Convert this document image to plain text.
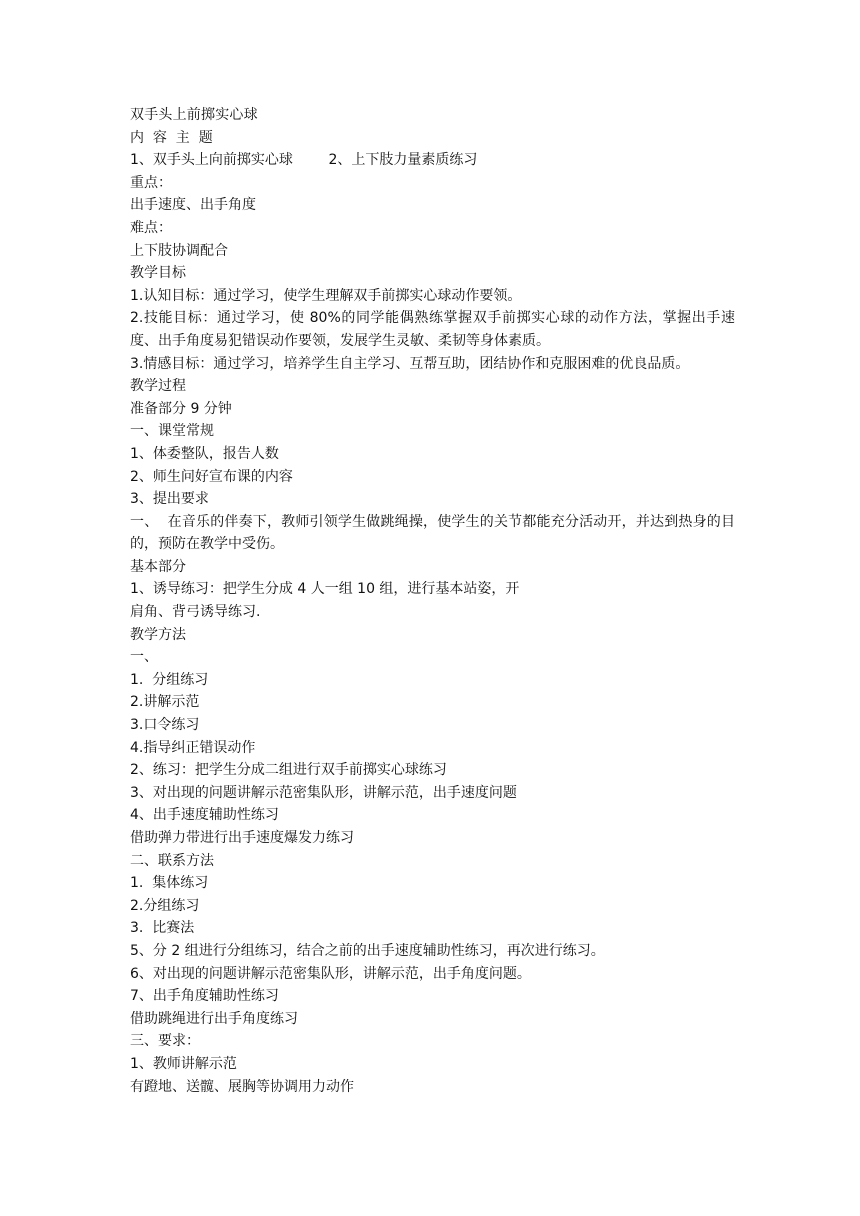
双手头上前掷实心球

内  容  主  题

1、双手头上向前掷实心球        2、上下肢力量素质练习

重点：

出手速度、出手角度

难点：

上下肢协调配合

教学目标

1.认知目标：通过学习，使学生理解双手前掷实心球动作要领。

2.技能目标：通过学习，使 80%的同学能偶熟练掌握双手前掷实心球的动作方法，掌握出手速度、出手角度易犯错误动作要领，发展学生灵敏、柔韧等身体素质。

3.情感目标：通过学习，培养学生自主学习、互帮互助，团结协作和克服困难的优良品质。

教学过程

准备部分 9 分钟

一、课堂常规

1、体委整队，报告人数

2、师生问好宣布课的内容

3、提出要求

一、  在音乐的伴奏下，教师引领学生做跳绳操，使学生的关节都能充分活动开，并达到热身的目的，预防在教学中受伤。

基本部分

1、诱导练习：把学生分成 4 人一组 10 组，进行基本站姿，开

肩角、背弓诱导练习.

教学方法

一、

1.  分组练习

2.讲解示范

3.口令练习

4.指导纠正错误动作

2、练习：把学生分成二组进行双手前掷实心球练习

3、对出现的问题讲解示范密集队形，讲解示范，出手速度问题

4、出手速度辅助性练习

借助弹力带进行出手速度爆发力练习

二、联系方法

1.  集体练习

2.分组练习

3.  比赛法

5、分 2 组进行分组练习，结合之前的出手速度辅助性练习，再次进行练习。

6、对出现的问题讲解示范密集队形，讲解示范，出手角度问题。

7、出手角度辅助性练习

借助跳绳进行出手角度练习

三、要求：

1、教师讲解示范

有蹬地、送髋、展胸等协调用力动作
